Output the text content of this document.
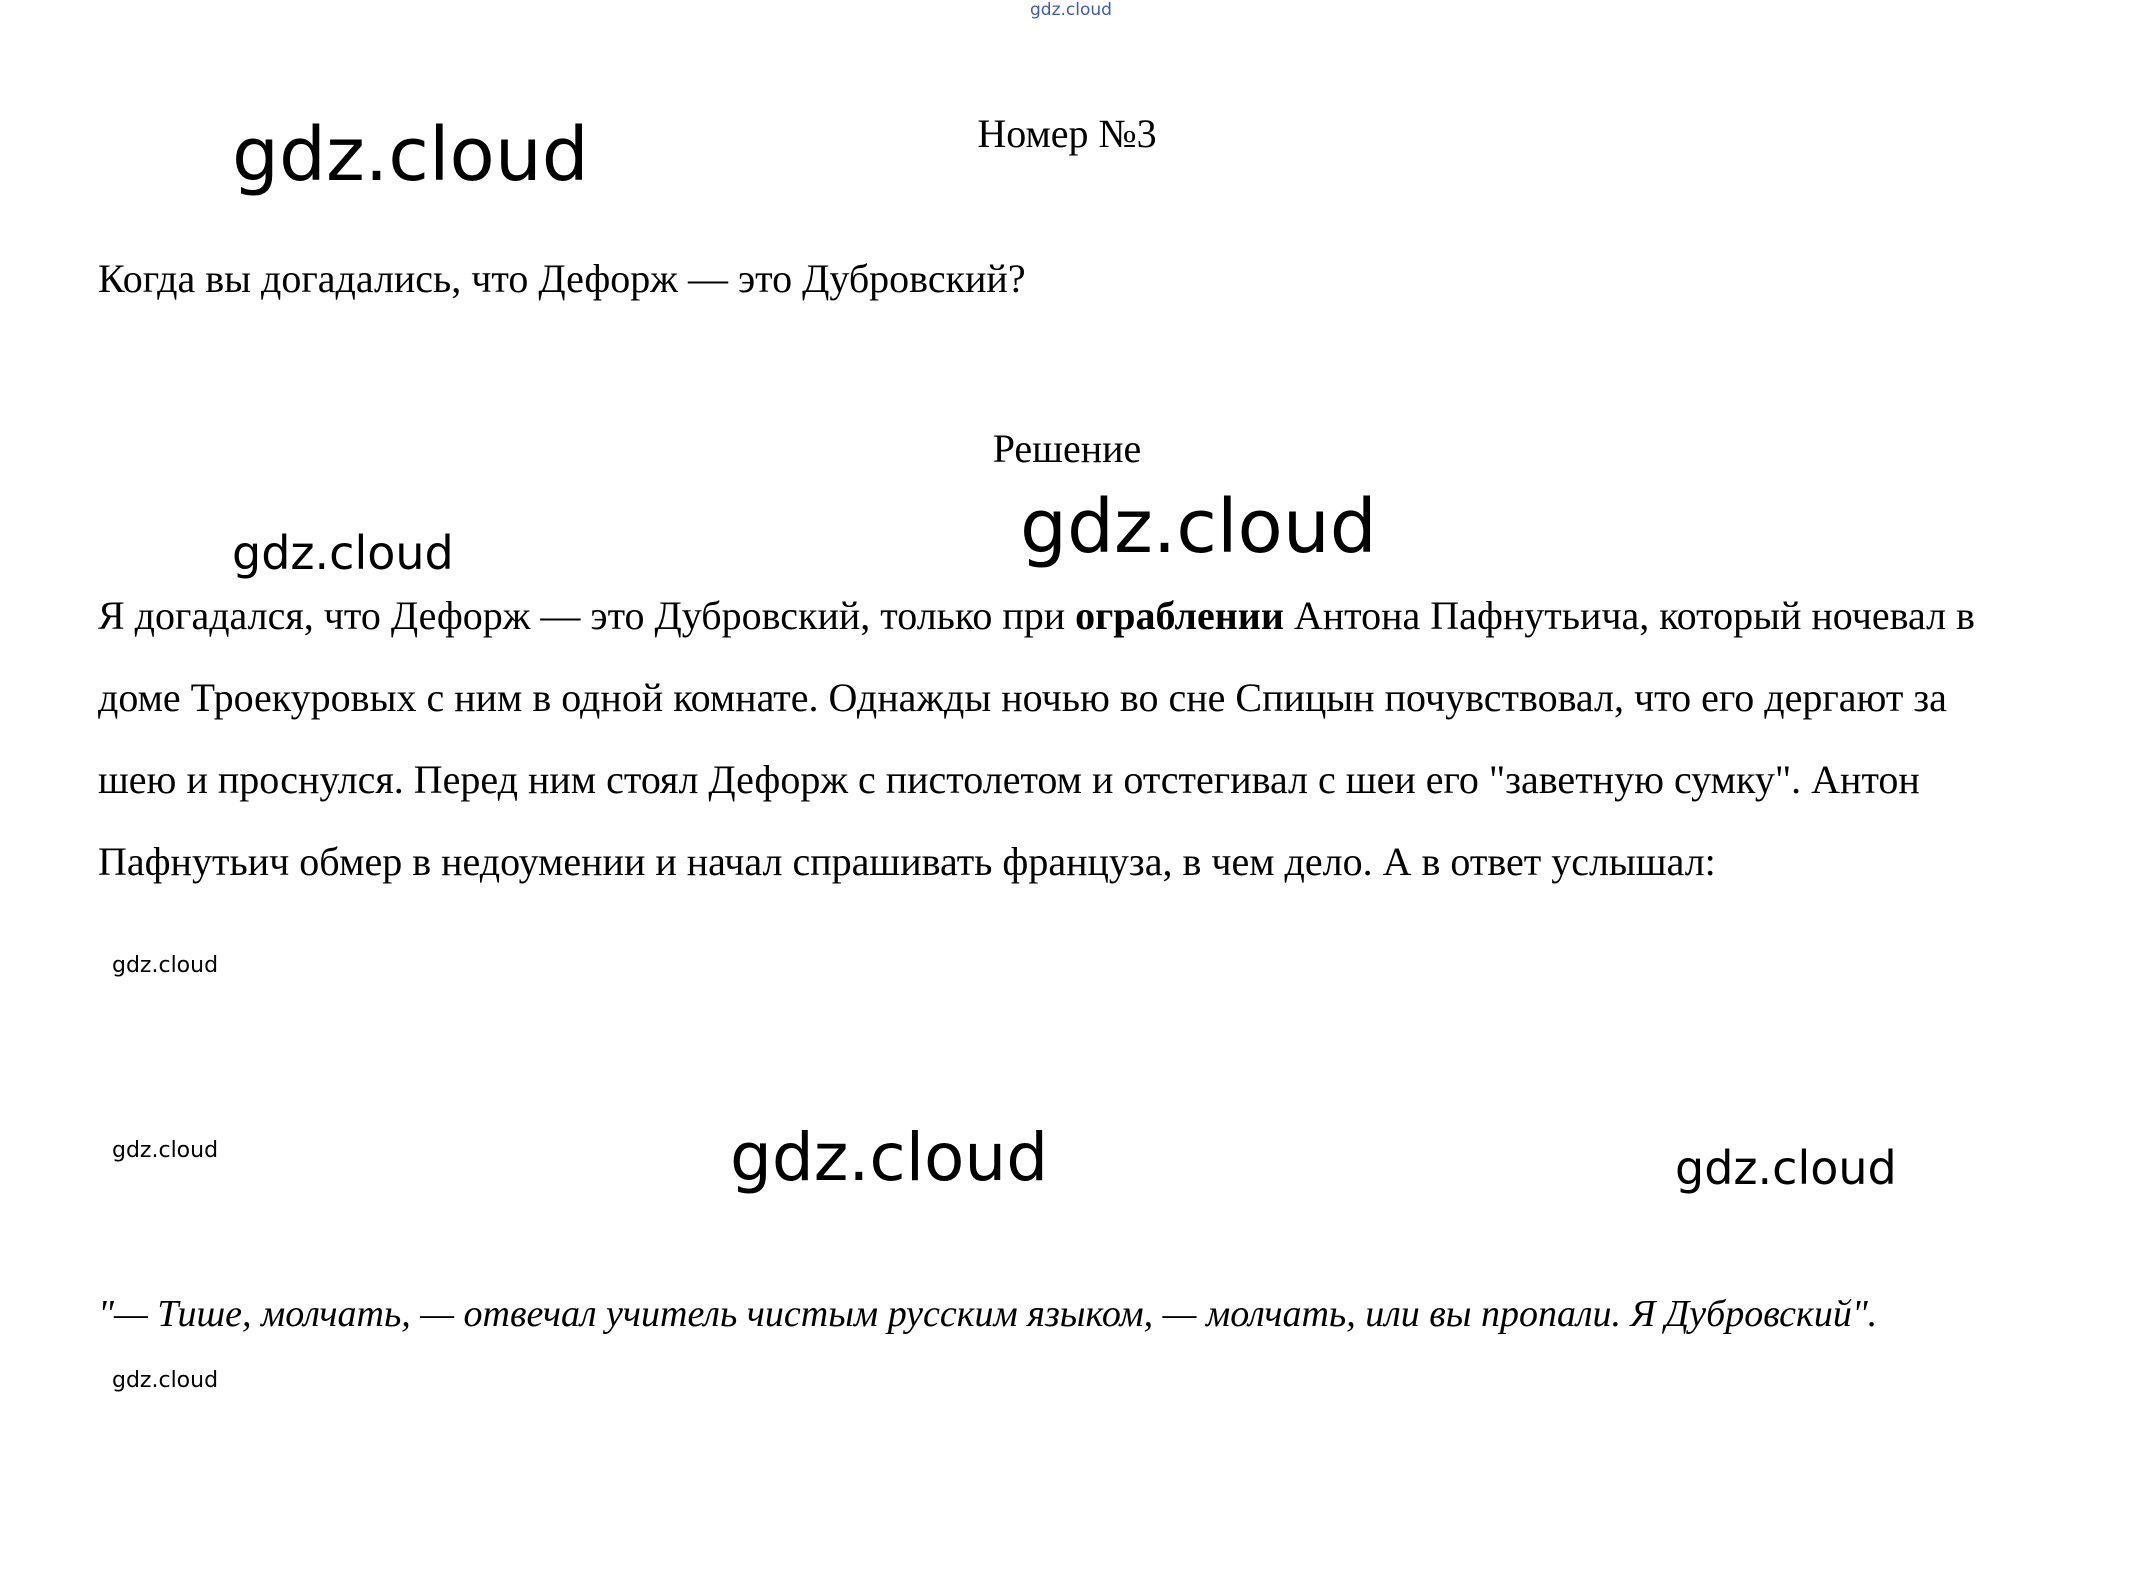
gdz.cloud
gdz.cloud
gdz.cloud	gdz.cloud
gdz.cloud
gdz.cloud	gdz.cloud	gdz.cloud
gdz.cloud
Номер №3
Когда вы догадались, что Дефорж — это Дубровский?
Решение
Я догадался, что Дефорж — это Дубровский, только при ограблении Антона Пафнутьича, который ночевал в доме Троекуровых с ним в одной комнате. Однажды ночью во сне Спицын почувствовал, что его дергают за шею и проснулся. Перед ним стоял Дефорж с пистолетом и отстегивал с шеи его "заветную сумку". Антон Пафнутьич обмер в недоумении и начал спрашивать француза, в чем дело. А в ответ услышал:
"— Тише, молчать, — отвечал учитель чистым русским языком, — молчать, или вы пропали. Я Дубровский".
